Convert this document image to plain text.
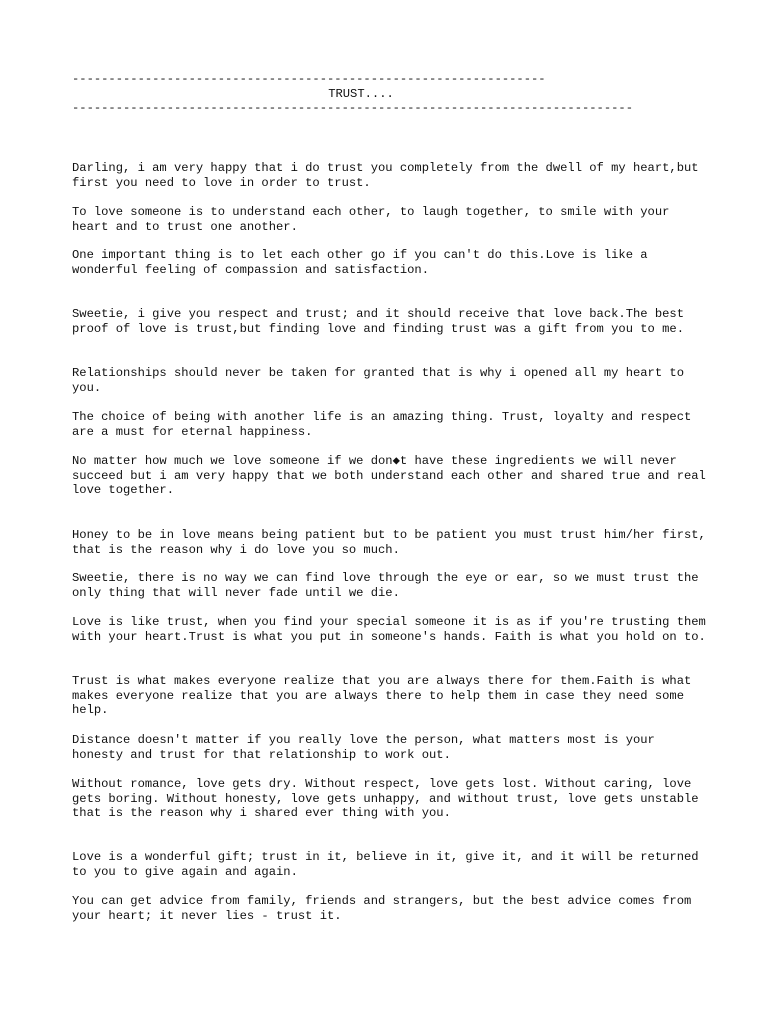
-----------------------------------------------------------------
TRUST....
-----------------------------------------------------------------------------
Darling, i am very happy that i do trust you completely from the dwell of my heart,but first you need to love in order to trust.
To love someone is to understand each other, to laugh together, to smile with your heart and to trust one another.
One important thing is to let each other go if you can't do this.Love is like a wonderful feeling of compassion and satisfaction.
Sweetie, i give you respect and trust; and it should receive that love back.The best proof of love is trust,but finding love and finding trust was a gift from you to me.
Relationships should never be taken for granted that is why i opened all my heart to you.
The choice of being with another life is an amazing thing. Trust, loyalty and respect are a must for eternal happiness.
No matter how much we love someone if we don◆t have these ingredients we will never succeed but i am very happy that we both understand each other and shared true and real love together.
Honey to be in love means being patient but to be patient you must trust him/her first, that is the reason why i do love you so much.
Sweetie, there is no way we can find love through the eye or ear, so we must trust the only thing that will never fade until we die.
Love is like trust, when you find your special someone it is as if you're trusting them with your heart.Trust is what you put in someone's hands. Faith is what you hold on to.
Trust is what makes everyone realize that you are always there for them.Faith is what makes everyone realize that you are always there to help them in case they need some help.
Distance doesn't matter if you really love the person, what matters most is your honesty and trust for that relationship to work out.
Without romance, love gets dry. Without respect, love gets lost. Without caring, love gets boring. Without honesty, love gets unhappy, and without trust, love gets unstable that is the reason why i shared ever thing with you.
Love is a wonderful gift; trust in it, believe in it, give it, and it will be returned to you to give again and again.
You can get advice from family, friends and strangers, but the best advice comes from your heart; it never lies - trust it.
